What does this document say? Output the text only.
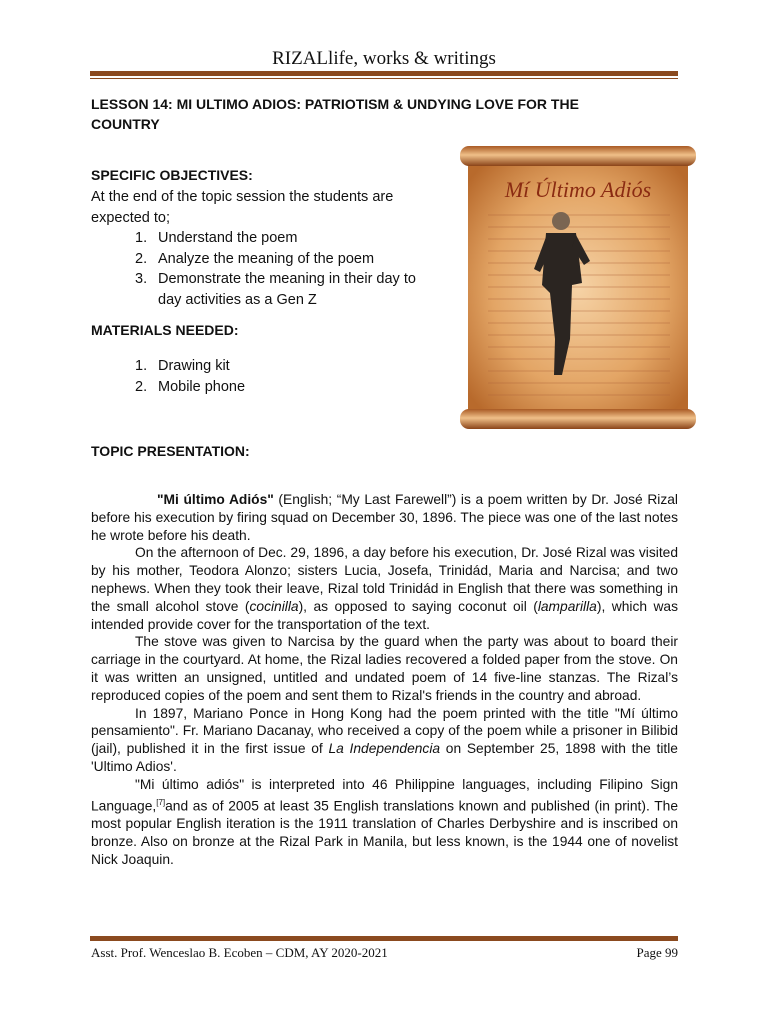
RIZALlife, works & writings
LESSON 14: MI ULTIMO ADIOS: PATRIOTISM & UNDYING LOVE FOR THE COUNTRY
SPECIFIC OBJECTIVES:
At the end of the topic session the students are expected to;
1. Understand the poem
2. Analyze the meaning of the poem
3. Demonstrate the meaning in their day to day activities as a Gen Z
MATERIALS NEEDED:
1. Drawing kit
2. Mobile phone
Mí Último Adiós
TOPIC PRESENTATION:

"Mi último Adiós" (English; “My Last Farewell”) is a poem written by Dr. José Rizal before his execution by firing squad on December 30, 1896. The piece was one of the last notes he wrote before his death.

On the afternoon of Dec. 29, 1896, a day before his execution, Dr. José Rizal was visited by his mother, Teodora Alonzo; sisters Lucia, Josefa, Trinidád, Maria and Narcisa; and two nephews. When they took their leave, Rizal told Trinidád in English that there was something in the small alcohol stove (cocinilla), as opposed to saying coconut oil (lamparilla), which was intended provide cover for the transportation of the text.

The stove was given to Narcisa by the guard when the party was about to board their carriage in the courtyard. At home, the Rizal ladies recovered a folded paper from the stove. On it was written an unsigned, untitled and undated poem of 14 five-line stanzas. The Rizal’s reproduced copies of the poem and sent them to Rizal's friends in the country and abroad.

In 1897, Mariano Ponce in Hong Kong had the poem printed with the title "Mí último pensamiento". Fr. Mariano Dacanay, who received a copy of the poem while a prisoner in Bilibid (jail), published it in the first issue of La Independencia on September 25, 1898 with the title 'Ultimo Adios'.

"Mi último adiós" is interpreted into 46 Philippine languages, including Filipino Sign Language,[7]and as of 2005 at least 35 English translations known and published (in print). The most popular English iteration is the 1911 translation of Charles Derbyshire and is inscribed on bronze. Also on bronze at the Rizal Park in Manila, but less known, is the 1944 one of novelist Nick Joaquin.

Asst. Prof. Wenceslao B. Ecoben – CDM, AY 2020-2021	Page 99
